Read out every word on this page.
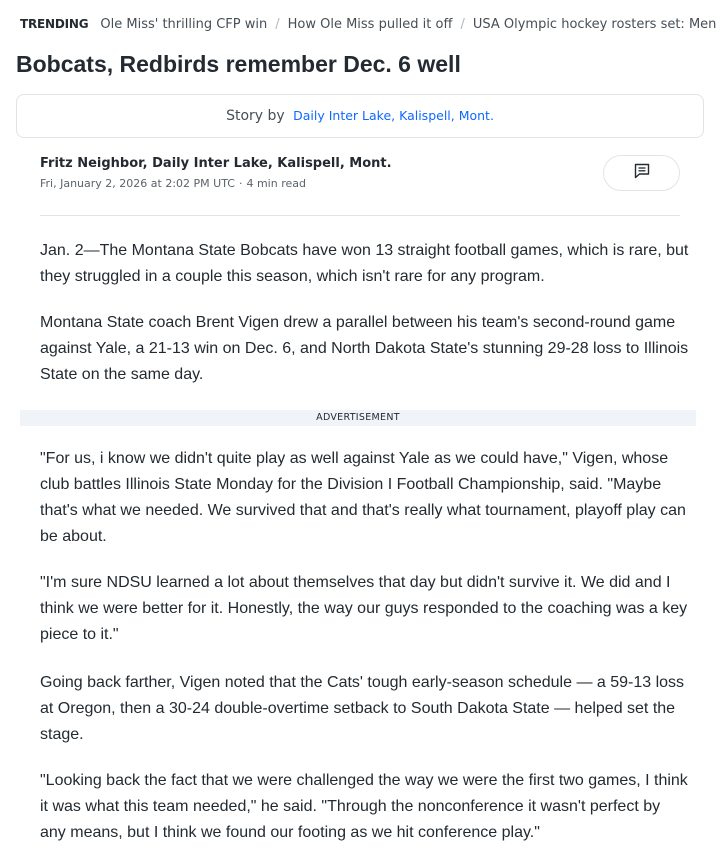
TRENDING Ole Miss' thrilling CFP win / How Ole Miss pulled it off / USA Olympic hockey rosters set: Men
Bobcats, Redbirds remember Dec. 6 well
Story by Daily Inter Lake, Kalispell, Mont.
Fritz Neighbor, Daily Inter Lake, Kalispell, Mont.
Fri, January 2, 2026 at 2:02 PM UTC · 4 min read

Jan. 2—The Montana State Bobcats have won 13 straight football games, which is rare, but they struggled in a couple this season, which isn't rare for any program.

Montana State coach Brent Vigen drew a parallel between his team's second-round game against Yale, a 21-13 win on Dec. 6, and North Dakota State's stunning 29-28 loss to Illinois State on the same day.

ADVERTISEMENT

"For us, i know we didn't quite play as well against Yale as we could have," Vigen, whose club battles Illinois State Monday for the Division I Football Championship, said. "Maybe that's what we needed. We survived that and that's really what tournament, playoff play can be about.

"I'm sure NDSU learned a lot about themselves that day but didn't survive it. We did and I think we were better for it. Honestly, the way our guys responded to the coaching was a key piece to it."

Going back farther, Vigen noted that the Cats' tough early-season schedule — a 59-13 loss at Oregon, then a 30-24 double-overtime setback to South Dakota State — helped set the stage.

"Looking back the fact that we were challenged the way we were the first two games, I think it was what this team needed," he said. "Through the nonconference it wasn't perfect by any means, but I think we found our footing as we hit conference play."
